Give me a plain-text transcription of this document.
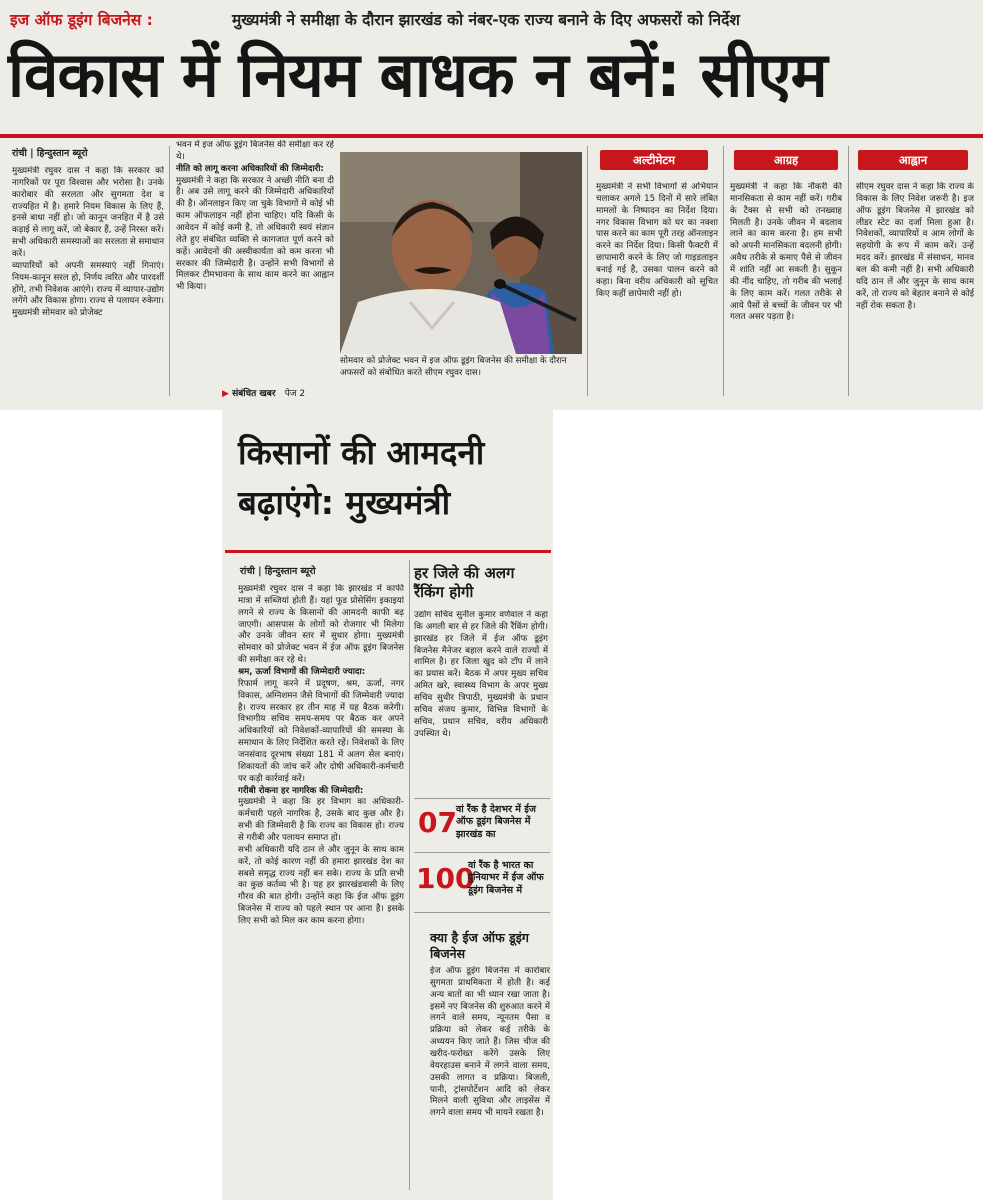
इज ऑफ डूइंग बिजनेस :	मुख्यमंत्री ने समीक्षा के दौरान झारखंड को नंबर-एक राज्य बनाने के दिए अफसरों को निर्देश
विकास में नियम बाधक न बनें: सीएम
रांची | हिन्दुस्तान ब्यूरो
मुख्यमंत्री रघुवर दास ने कहा कि सरकार को नागरिकों पर पूरा विश्वास और भरोसा है। उनके कारोबार की सरलता और सुगमता देश व राज्यहित में है। हमारे नियम विकास के लिए हैं, इनसे बाधा नहीं हो। जो कानून जनहित में है उसे कड़ाई से लागू करें, जो बेकार हैं, उन्हें निरस्त करें। सभी अधिकारी समस्याओं का सरलता से समाधान करें।
व्यापारियों को अपनी समस्याएं नहीं गिनाएं। नियम-कानून सरल हो, निर्णय त्वरित और पारदर्शी होंगे, तभी निवेशक आएंगे। राज्य में व्यापार-उद्योग लगेंगे और विकास होगा। राज्य से पलायन रुकेगा। मुख्यमंत्री सोमवार को प्रोजेक्ट
भवन में इज ऑफ डूइंग बिजनेस की समीक्षा कर रहे थे।
नीति को लागू करना अधिकारियों की जिम्मेदारी:
मुख्यमंत्री ने कहा कि सरकार ने अच्छी नीति बना दी है। अब उसे लागू करने की जिम्मेदारी अधिकारियों की है। ऑनलाइन किए जा चुके विभागों में कोई भी काम ऑफलाइन नहीं होना चाहिए। यदि किसी के आवेदन में कोई कमी है, तो अधिकारी स्वयं संज्ञान लेते हुए संबंधित व्यक्ति से कागजात पूर्ण करने को कहें। आवेदनों की अस्वीकार्यता को कम करना भी सरकार की जिम्मेदारी है। उन्होंने सभी विभागों से मिलकर टीमभावना के साथ काम करने का आह्वान भी किया।
▶ संबंधित खबर पेज 2
सोमवार को प्रोजेक्ट भवन में इज ऑफ डूइंग बिजनेस की समीक्षा के दौरान अफसरों को संबोधित करते सीएम रघुवर दास।
अल्टीमेटम
मुख्यमंत्री ने सभी विभागों से अभियान चलाकर अगले 15 दिनों में सारे लंबित मामलों के निष्पादन का निर्देश दिया। नगर विकास विभाग को घर का नक्शा पास करने का काम पूरी तरह ऑनलाइन करने का निर्देश दिया। किसी फैक्टरी में छापामारी करने के लिए जो गाइडलाइन बनाई गई है, उसका पालन करने को कहा। बिना वरीय अधिकारी को सूचित किए कहीं छापेमारी नहीं हो।
आग्रह
मुख्यमंत्री ने कहा कि नौकरी की मानसिकता से काम नहीं करें। गरीब के टैक्स से सभी को तनख्वाह मिलती है। उनके जीवन में बदलाव लाने का काम करना है। हम सभी को अपनी मानसिकता बदलनी होगी। अवैध तरीके से कमाए पैसे से जीवन में शांति नहीं आ सकती है। सुकून की नींद चाहिए, तो गरीब की भलाई के लिए काम करें। गलत तरीके से आये पैसों से बच्चों के जीवन पर भी गलत असर पड़ता है।
आह्वान
सीएम रघुवर दास ने कहा कि राज्य के विकास के लिए निवेश जरूरी है। इज ऑफ डूइंग बिजनेस में झारखंड को लीडर स्टेट का दर्जा मिला हुआ है। निवेशकों, व्यापारियों व आम लोगों के सहयोगी के रूप में काम करें। उन्हें मदद करें। झारखंड में संसाधन, मानव बल की कमी नहीं है। सभी अधिकारी यदि ठान लें और जुनून के साथ काम करें, तो राज्य को बेहतर बनाने से कोई नहीं रोक सकता है।
किसानों की आमदनी
बढ़ाएंगे: मुख्यमंत्री
रांची | हिन्दुस्तान ब्यूरो
मुख्यमंत्री रघुवर दास ने कहा कि झारखंड में काफी मात्रा में सब्जियां होती हैं। यहां फूड प्रोसेसिंग इकाइयां लगने से राज्य के किसानों की आमदनी काफी बढ़ जाएगी। आसपास के लोगों को रोजगार भी मिलेगा और उनके जीवन स्तर में सुधार होगा। मुख्यमंत्री सोमवार को प्रोजेक्ट भवन में ईज ऑफ डूइंग बिजनेस की समीक्षा कर रहे थे।
श्रम, ऊर्जा विभागों की जिम्मेदारी ज्यादा:
रिफार्म लागू करने में प्रदूषण, श्रम, ऊर्जा, नगर विकास, अग्निशमन जैसे विभागों की जिम्मेवारी ज्यादा है। राज्य सरकार हर तीन माह में यह बैठक करेगी। विभागीय सचिव समय-समय पर बैठक कर अपने अधिकारियों को निवेशकों-व्यापारियों की समस्या के समाधान के लिए निर्देशित करते रहें। निवेशकों के लिए जनसंवाद दूरभाष संख्या 181 में अलग सेल बनाएं। शिकायतों की जांच करें और दोषी अधिकारी-कर्मचारी पर कड़ी कार्रवाई करें।
गरीबी रोकना हर नागरिक की जिम्मेदारी:
मुख्यमंत्री ने कहा कि हर विभाग का अधिकारी-कर्मचारी पहले नागरिक है, उसके बाद कुछ और है। सभी की जिम्मेवारी है कि राज्य का विकास हो। राज्य से गरीबी और पलायन समाप्त हो।
सभी अधिकारी यदि ठान ले और जुनून के साथ काम करें, तो कोई कारण नहीं की हमारा झारखंड देश का सबसे समृद्ध राज्य नहीं बन सके। राज्य के प्रति सभी का कुछ कर्तव्य भी है। यह हर झारखंडवासी के लिए गौरव की बात होगी। उन्होंने कहा कि ईज ऑफ डूइंग बिजनेस में राज्य को पहले स्थान पर आना है। इसके लिए सभी को मिल कर काम करना होगा।
हर जिले की अलग
रैंकिंग होगी
उद्योग सचिव सुनील कुमार वर्णवाल ने कहा कि अगली बार से हर जिले की रैंकिंग होगी। झारखंड हर जिले में ईज ऑफ डूइंग बिजनेस मैनेजर बहाल करने वाले राज्यों में शामिल है। हर जिला खुद को टॉप में लाने का प्रयास करें। बैठक में अपर मुख्य सचिव अमित खरे, स्वास्थ्य विभाग के अपर मुख्य सचिव सुधीर त्रिपाठी, मुख्यमंत्री के प्रधान सचिव संजय कुमार, विभिन्न विभागों के सचिव, प्रधान सचिव, वरीय अधिकारी उपस्थित थे।
07 वां रैंक है देशभर में ईज
ऑफ डूइंग बिजनेस में
झारखंड का
100
वां रैंक है भारत का
दुनियाभर में ईज ऑफ
डूइंग बिजनेस में
क्या है ईज ऑफ डूइंग
बिजनेस
ईज ऑफ डूइंग बिजनेस में कारोबार सुगमता प्राथमिकता में होती है। कई अन्य बातों का भी ध्यान रखा जाता है। इसमें नए बिजनेस की शुरुआत करने में लगने वाले समय, न्यूनतम पैसा व प्रक्रिया को लेकर कई तरीके के अध्ययन किए जाते हैं। जिस चीज की खरीद-फरोख्त करेंगे उसके लिए वेयरहाउस बनाने में लगने वाला समय, उसकी लागत व प्रक्रिया। बिजली, पानी, ट्रांसपोर्टेशन आदि को लेकर मिलने वाली सुविधा और लाइसेंस में लगने वाला समय भी मायने रखता है।
